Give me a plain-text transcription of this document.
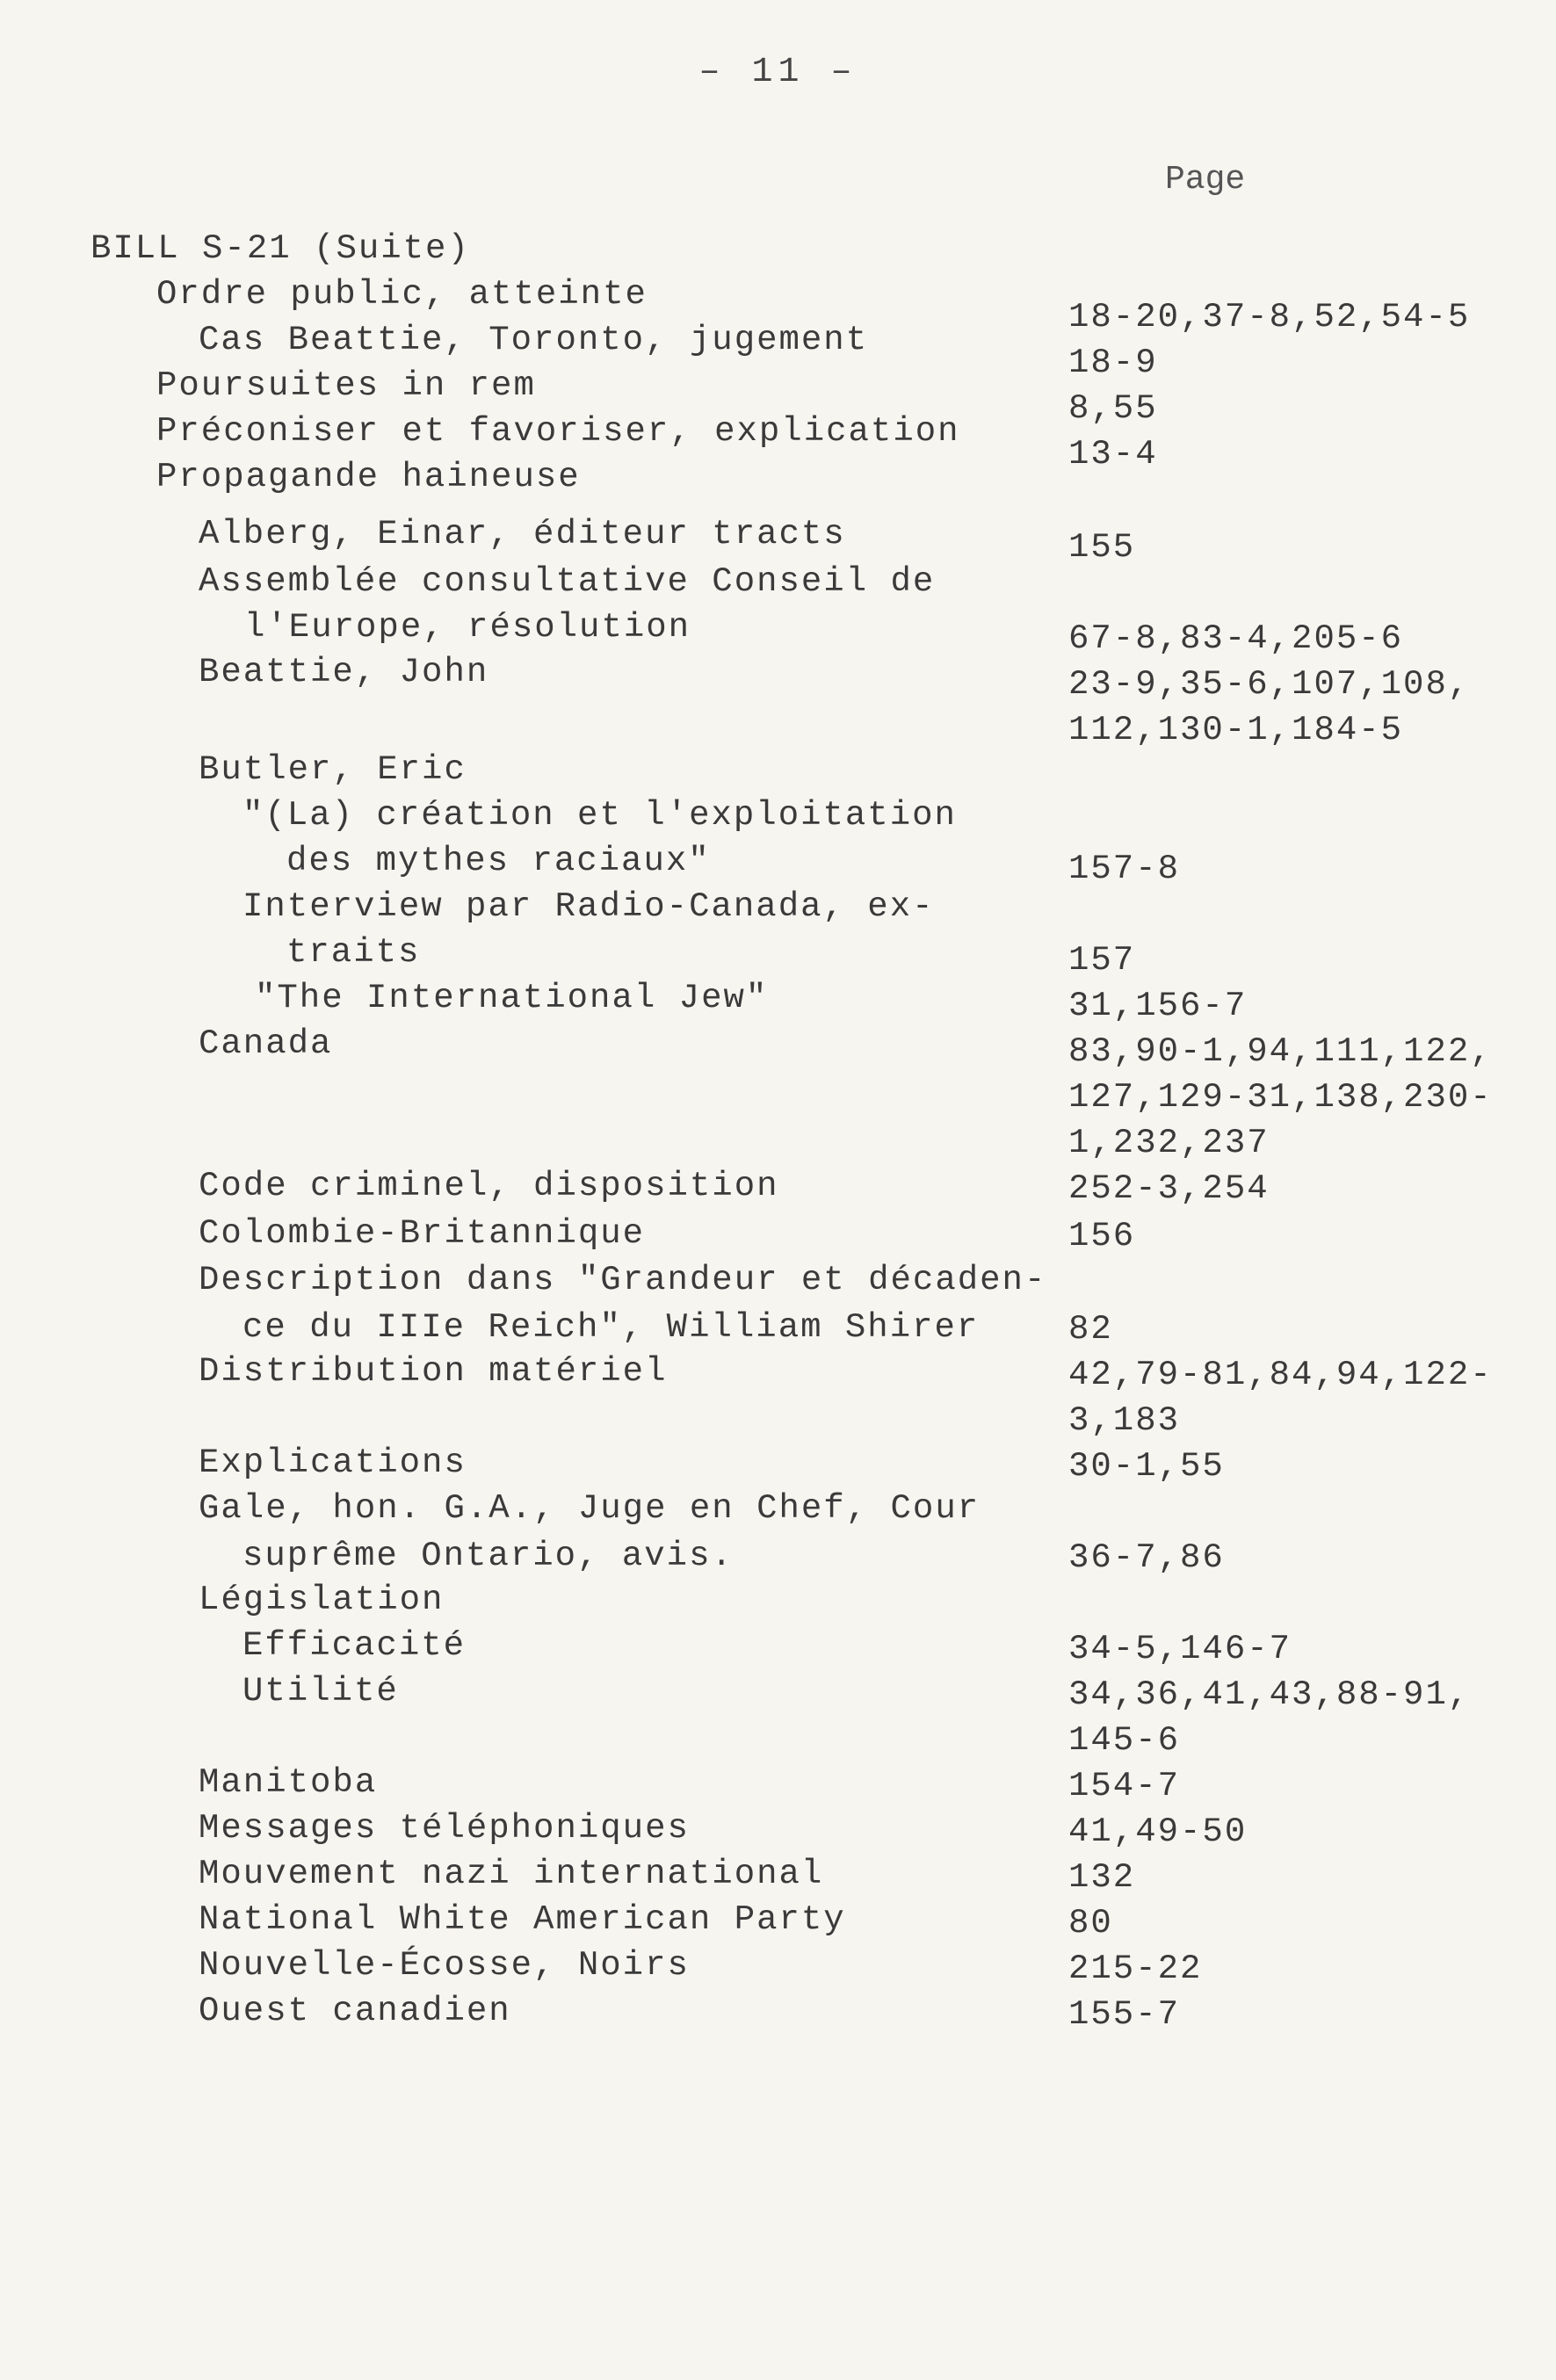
– 11 –
Page
BILL S-21 (Suite)
Ordre public, atteinte
Cas Beattie, Toronto, jugement
Poursuites in rem
Préconiser et favoriser, explication
Propagande haineuse
Alberg, Einar, éditeur tracts
Assemblée consultative Conseil de
l'Europe, résolution
Beattie, John
Butler, Eric
"(La) création et l'exploitation
des mythes raciaux"
Interview par Radio-Canada, ex-
traits
"The International Jew"
Canada
Code criminel, disposition
Colombie-Britannique
Description dans "Grandeur et décaden-
ce du IIIe Reich", William Shirer
Distribution matériel
Explications
Gale, hon. G.A., Juge en Chef, Cour
suprême Ontario, avis.
Législation
Efficacité
Utilité
Manitoba
Messages téléphoniques
Mouvement nazi international
National White American Party
Nouvelle-Écosse, Noirs
Ouest canadien
18-20,37-8,52,54-5
18-9
8,55
13-4
155
67-8,83-4,205-6
23-9,35-6,107,108,
112,130-1,184-5
157-8
157
31,156-7
83,90-1,94,111,122,
127,129-31,138,230-
1,232,237
252-3,254
156
82
42,79-81,84,94,122-
3,183
30-1,55
36-7,86
34-5,146-7
34,36,41,43,88-91,
145-6
154-7
41,49-50
132
80
215-22
155-7
